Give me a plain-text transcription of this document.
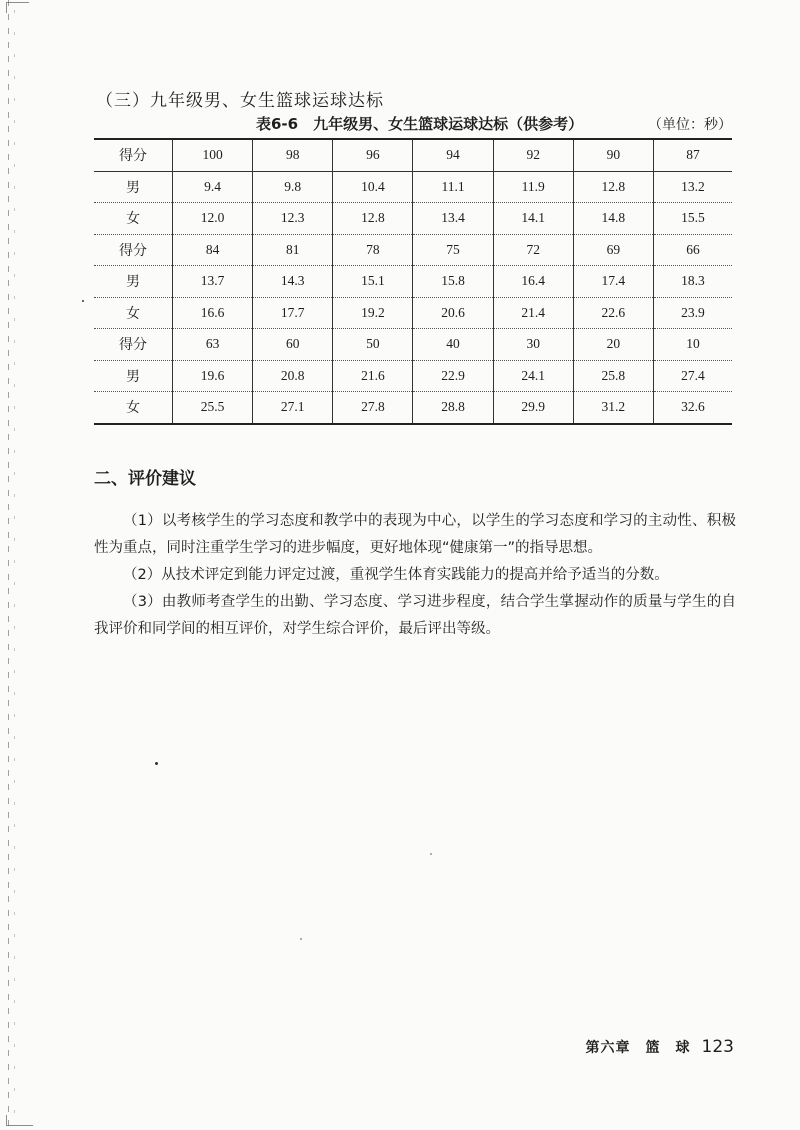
（三）九年级男、女生篮球运球达标
表6-6　九年级男、女生篮球运球达标（供参考）	（单位：秒）
得分	100	98	96	94	92	90	87
男	9.4	9.8	10.4	11.1	11.9	12.8	13.2
女	12.0	12.3	12.8	13.4	14.1	14.8	15.5
得分	84	81	78	75	72	69	66
男	13.7	14.3	15.1	15.8	16.4	17.4	18.3
女	16.6	17.7	19.2	20.6	21.4	22.6	23.9
得分	63	60	50	40	30	20	10
男	19.6	20.8	21.6	22.9	24.1	25.8	27.4
女	25.5	27.1	27.8	28.8	29.9	31.2	32.6
二、评价建议

（1）以考核学生的学习态度和教学中的表现为中心，以学生的学习态度和学习的主动性、积极性为重点，同时注重学生学习的进步幅度，更好地体现“健康第一”的指导思想。

（2）从技术评定到能力评定过渡，重视学生体育实践能力的提高并给予适当的分数。

（3）由教师考查学生的出勤、学习态度、学习进步程度，结合学生掌握动作的质量与学生的自我评价和同学间的相互评价，对学生综合评价，最后评出等级。

第六章　篮　球 123
